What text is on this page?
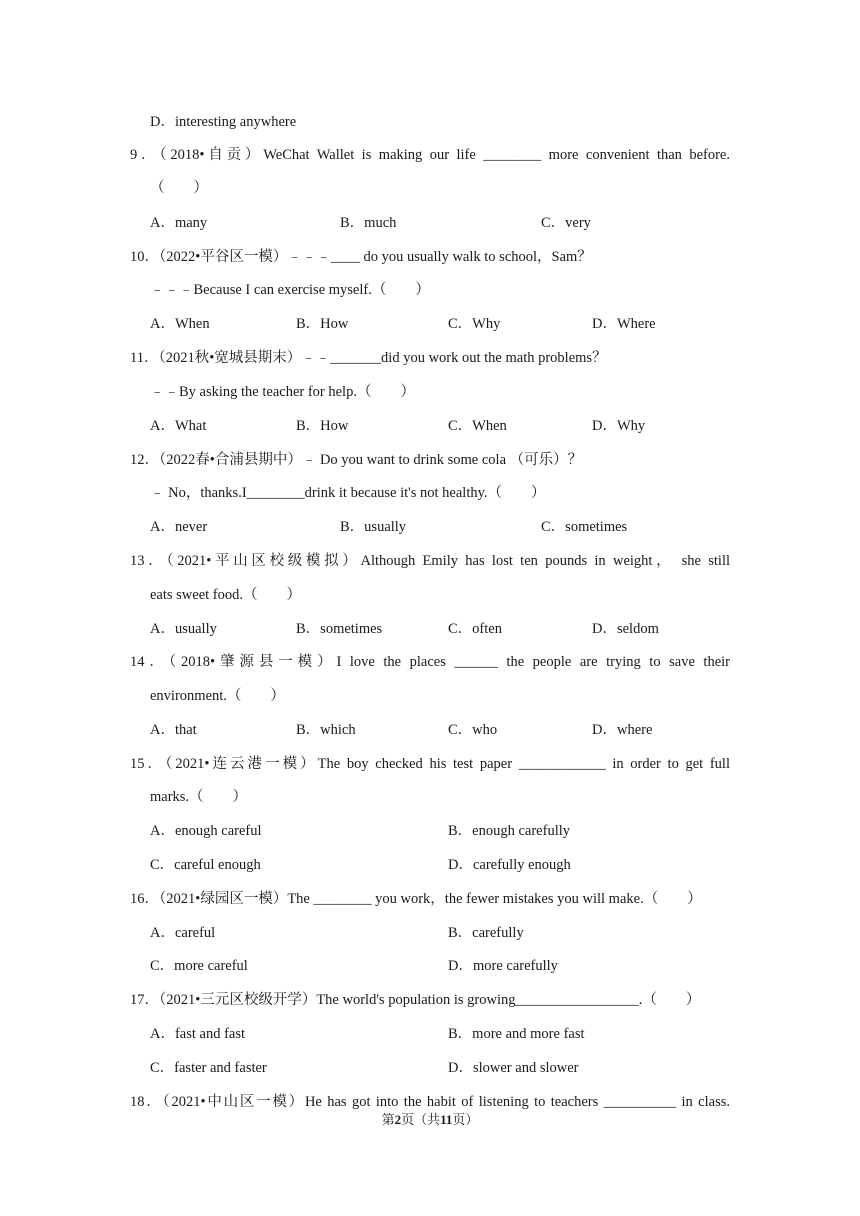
D．interesting anywhere
9．（2018•自贡）WeChat Wallet is making our life ________ more convenient than before.
（　　）
A．many	B．much	C．very
10．（2022•平谷区一模）﹣﹣﹣____ do you usually walk to school，Sam？
﹣﹣﹣Because I can exercise myself.（　　）
A．When	B．How	C．Why	D．Where
11．（2021秋•宽城县期末）﹣﹣_______did you work out the math problems？
﹣﹣By asking the teacher for help.（　　）
A．What	B．How	C．When	D．Why
12．（2022春•合浦县期中）﹣ Do you want to drink some cola （可乐）？
﹣ No，thanks.I________drink it because it's not healthy.（　　）
A．never	B．usually	C．sometimes
13．（2021•平山区校级模拟）Although Emily has lost ten pounds in weight， she still
eats sweet food.（　　）
A．usually	B．sometimes	C．often	D．seldom
14．（2018•肇源县一模）I love the places ______ the people are trying to save their
environment.（　　）
A．that	B．which	C．who	D．where
15．（2021•连云港一模）The boy checked his test paper ____________ in order to get full
marks.（　　）
A．enough careful	B．enough carefully
C．careful enough	D．carefully enough
16．（2021•绿园区一模）The ________ you work，the fewer mistakes you will make.（　　）
A．careful	B．carefully
C．more careful	D．more carefully
17．（2021•三元区校级开学）The world's population is growing_________________.（　　）
A．fast and fast	B．more and more fast
C．faster and faster	D．slower and slower
18．（2021•中山区一模）He has got into the habit of listening to teachers __________ in class.
第2页（共11页）
